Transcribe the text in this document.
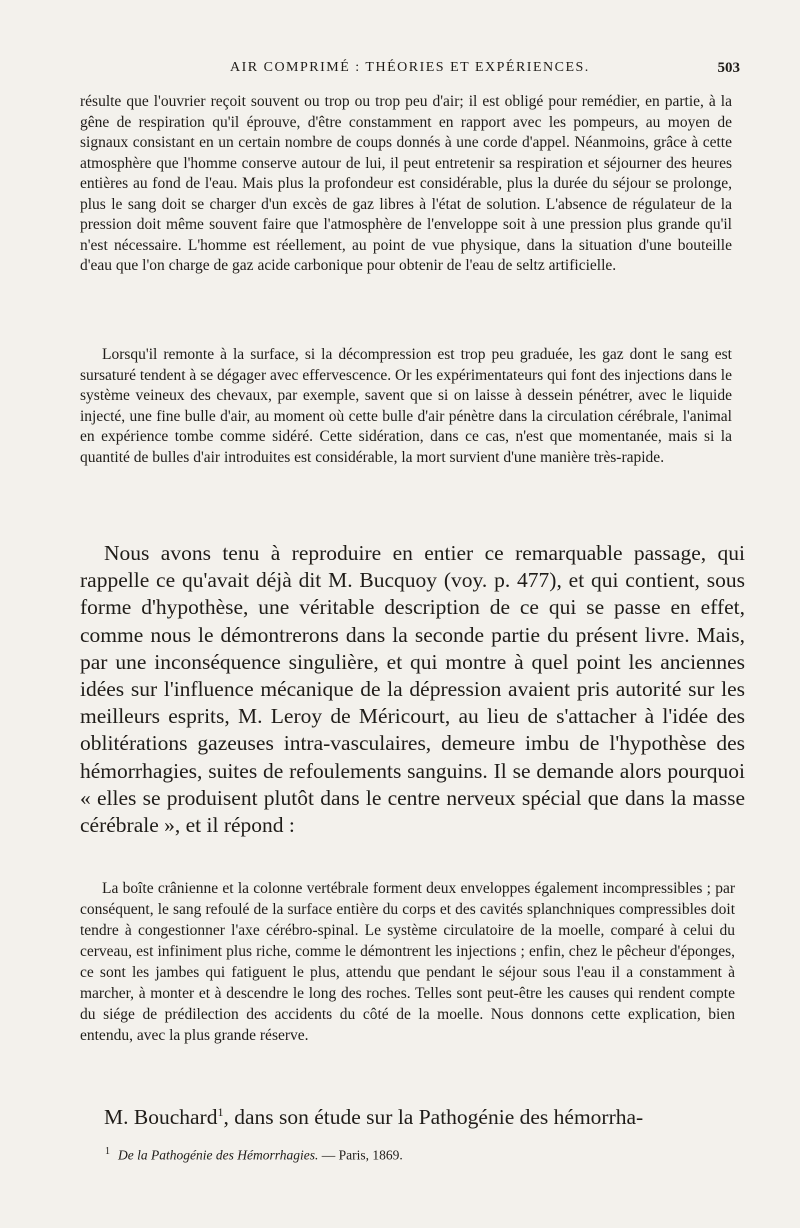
AIR COMPRIMÉ : THÉORIES ET EXPÉRIENCES.	503

résulte que l'ouvrier reçoit souvent ou trop ou trop peu d'air; il est obligé pour remédier, en partie, à la gêne de respiration qu'il éprouve, d'être constamment en rapport avec les pompeurs, au moyen de signaux consistant en un certain nombre de coups donnés à une corde d'appel. Néanmoins, grâce à cette atmosphère que l'homme conserve autour de lui, il peut entretenir sa respiration et séjourner des heures entières au fond de l'eau. Mais plus la profondeur est considérable, plus la durée du séjour se prolonge, plus le sang doit se charger d'un excès de gaz libres à l'état de solution. L'absence de régulateur de la pression doit même souvent faire que l'atmosphère de l'enveloppe soit à une pression plus grande qu'il n'est nécessaire. L'homme est réellement, au point de vue physique, dans la situation d'une bouteille d'eau que l'on charge de gaz acide carbonique pour obtenir de l'eau de seltz artificielle.

Lorsqu'il remonte à la surface, si la décompression est trop peu graduée, les gaz dont le sang est sursaturé tendent à se dégager avec effervescence. Or les expérimentateurs qui font des injections dans le système veineux des chevaux, par exemple, savent que si on laisse à dessein pénétrer, avec le liquide injecté, une fine bulle d'air, au moment où cette bulle d'air pénètre dans la circulation cérébrale, l'animal en expérience tombe comme sidéré. Cette sidération, dans ce cas, n'est que momentanée, mais si la quantité de bulles d'air introduites est considérable, la mort survient d'une manière très-rapide.

Nous avons tenu à reproduire en entier ce remarquable passage, qui rappelle ce qu'avait déjà dit M. Bucquoy (voy. p. 477), et qui contient, sous forme d'hypothèse, une véritable description de ce qui se passe en effet, comme nous le démontrerons dans la seconde partie du présent livre. Mais, par une inconséquence singulière, et qui montre à quel point les anciennes idées sur l'influence mécanique de la dépression avaient pris autorité sur les meilleurs esprits, M. Leroy de Méricourt, au lieu de s'attacher à l'idée des oblitérations gazeuses intra-vasculaires, demeure imbu de l'hypothèse des hémorrhagies, suites de refoulements sanguins. Il se demande alors pourquoi « elles se produisent plutôt dans le centre nerveux spécial que dans la masse cérébrale », et il répond :

La boîte crânienne et la colonne vertébrale forment deux enveloppes également incompressibles ; par conséquent, le sang refoulé de la surface entière du corps et des cavités splanchniques compressibles doit tendre à congestionner l'axe cérébro-spinal. Le système circulatoire de la moelle, comparé à celui du cerveau, est infiniment plus riche, comme le démontrent les injections ; enfin, chez le pêcheur d'éponges, ce sont les jambes qui fatiguent le plus, attendu que pendant le séjour sous l'eau il a constamment à marcher, à monter et à descendre le long des roches. Telles sont peut-être les causes qui rendent compte du siége de prédilection des accidents du côté de la moelle. Nous donnons cette explication, bien entendu, avec la plus grande réserve.

M. Bouchard$^1$, dans son étude sur la Pathogénie des hémorrha-

$^1$ De la Pathogénie des Hémorrhagies. — Paris, 1869.
